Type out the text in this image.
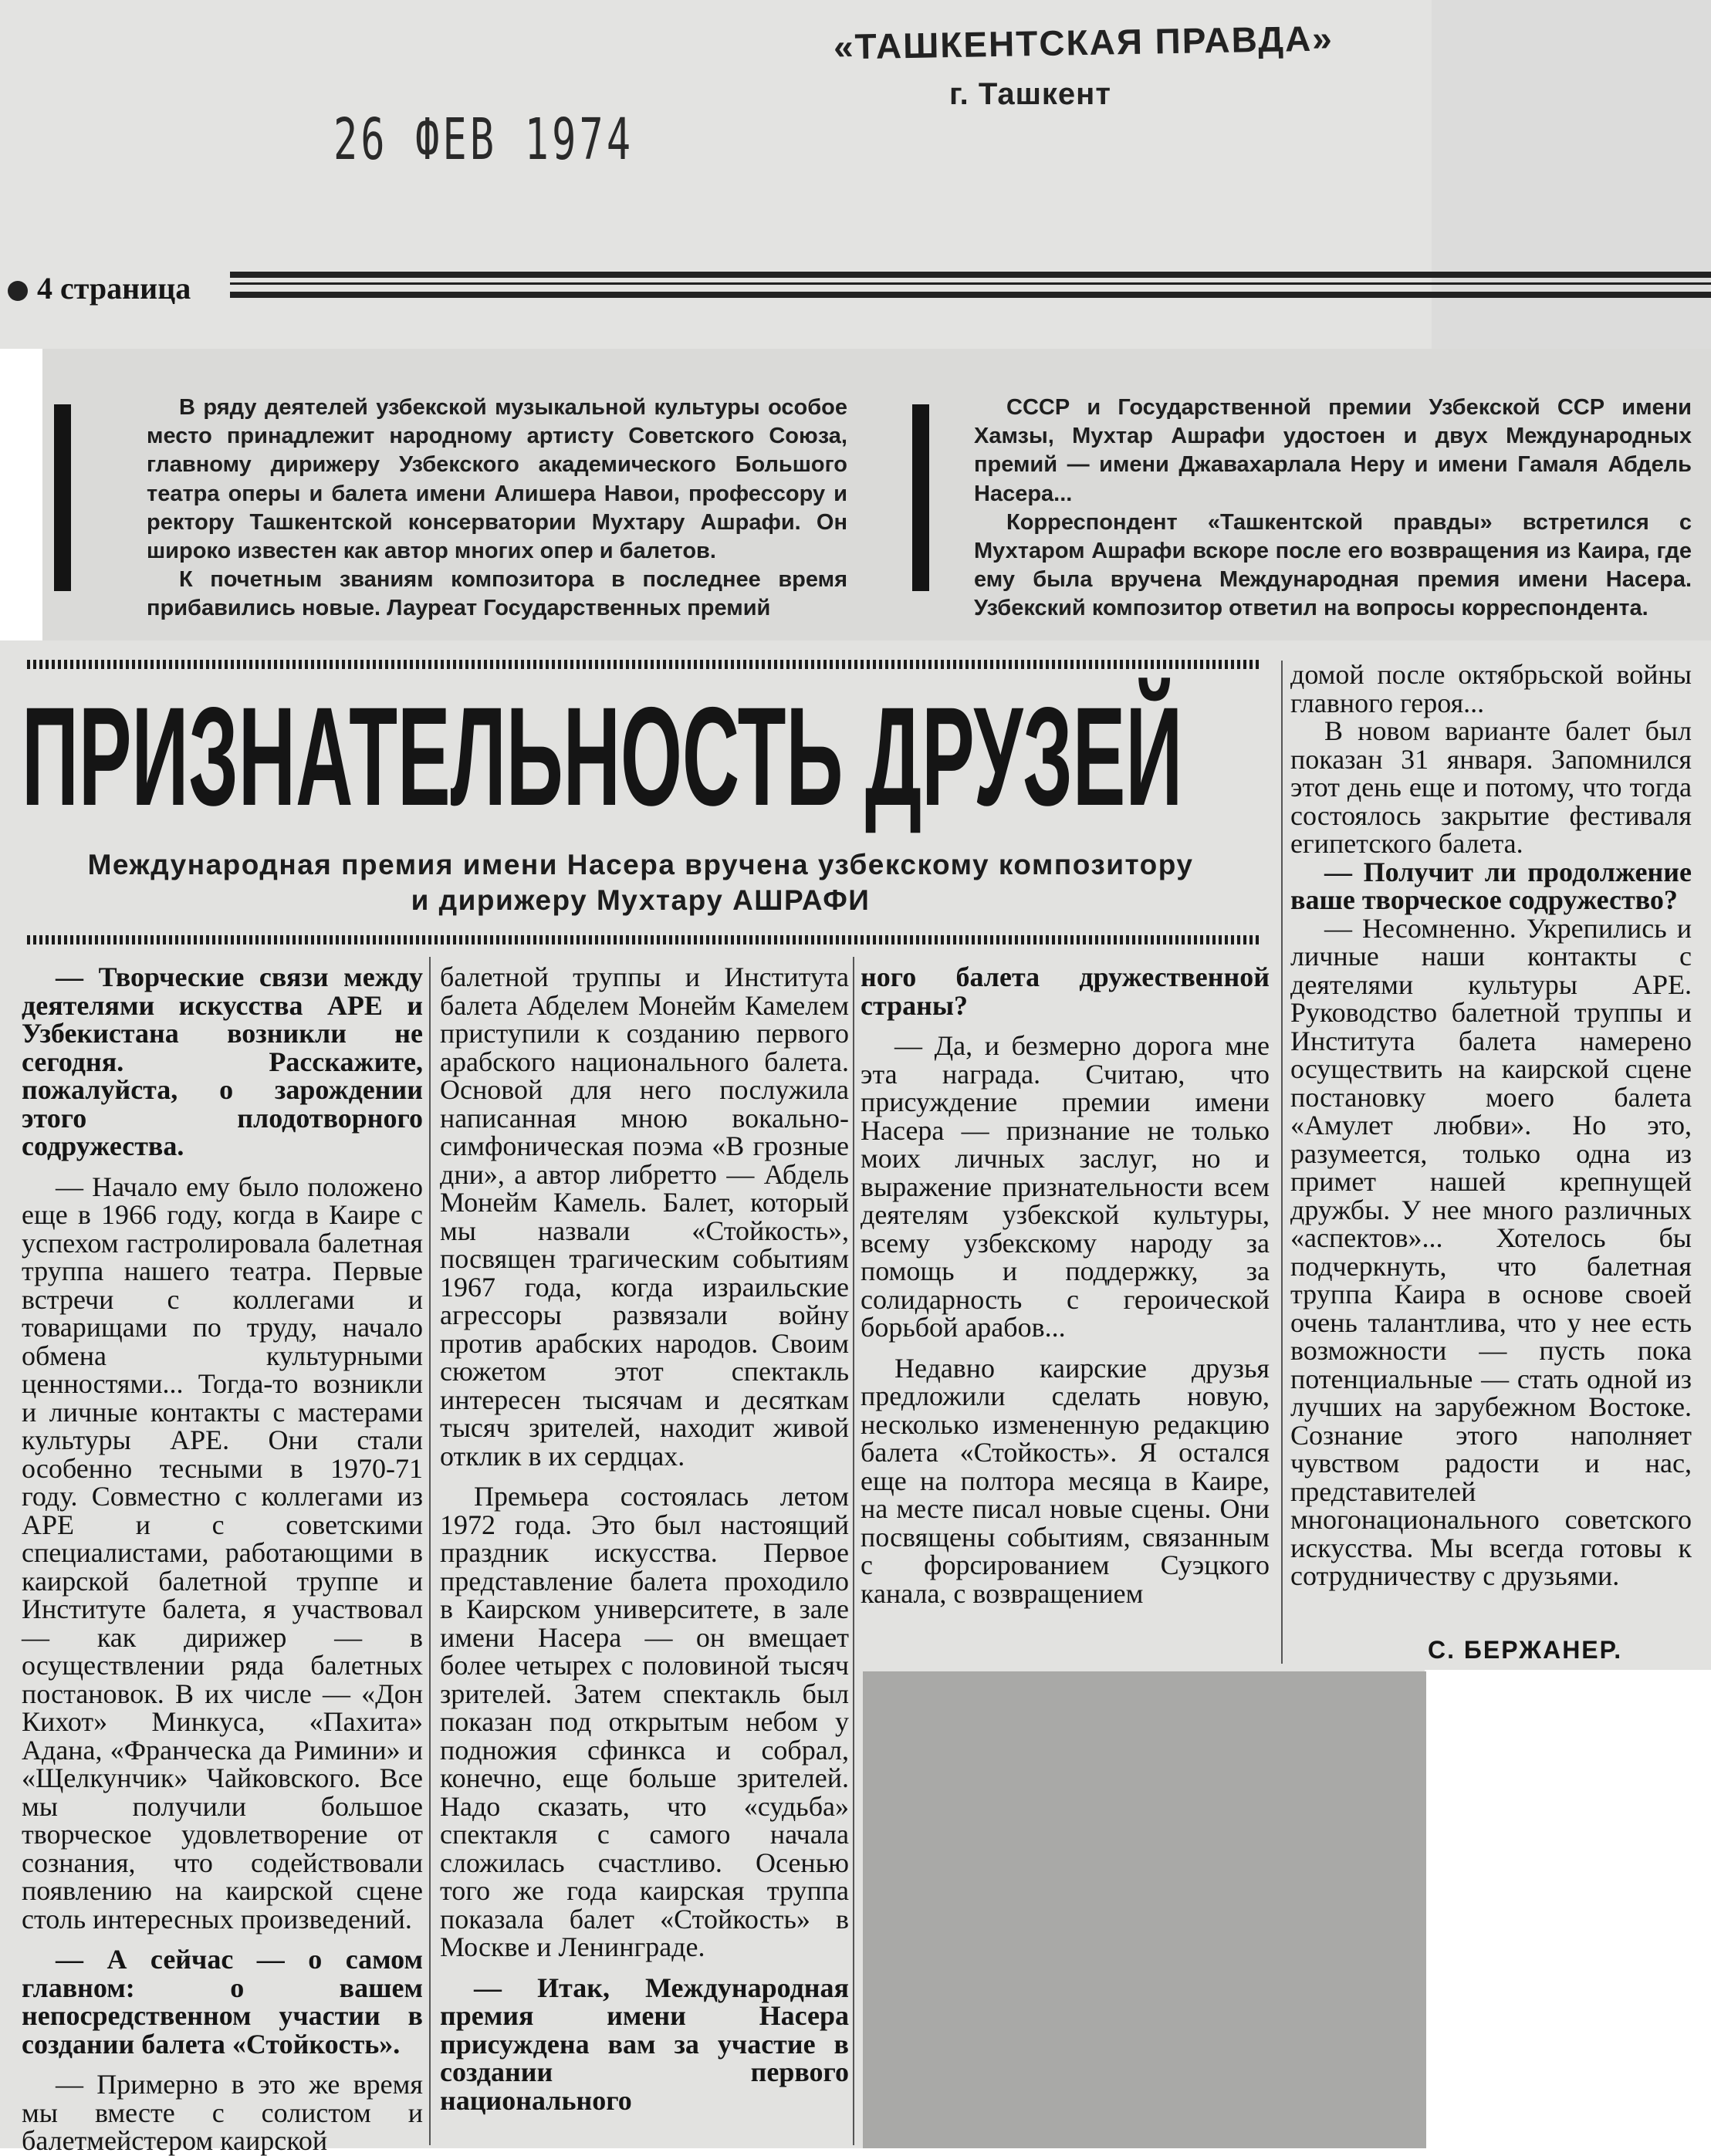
«ТАШКЕНТСКАЯ ПРАВДА»
г. Ташкент
26 ФЕВ 1974
4 страница

В ряду деятелей узбекской музыкальной культуры особое место принадлежит народному артисту Советского Союза, главному дирижеру Узбекского академического Большого театра оперы и балета имени Алишера Навои, профессору и ректору Ташкентской консерватории Мухтару Ашрафи. Он широко известен как автор многих опер и балетов.

К почетным званиям композитора в последнее время прибавились новые. Лауреат Государственных премий

СССР и Государственной премии Узбекской ССР имени Хамзы, Мухтар Ашрафи удостоен и двух Международных премий — имени Джавахарлала Неру и имени Гамаля Абдель Насера...

Корреспондент «Ташкентской правды» встретился с Мухтаром Ашрафи вскоре после его возвращения из Каира, где ему была вручена Международная премия имени Насера. Узбекский композитор ответил на вопросы корреспондента.

ПРИЗНАТЕЛЬНОСТЬ ДРУЗЕЙ
Международная премия имени Насера вручена узбекскому композитору
и дирижеру Мухтару АШРАФИ

— Творческие связи между деятелями искусства АРЕ и Узбекистана возникли не сегодня. Расскажите, пожалуйста, о зарождении этого плодотворного содружества.

— Начало ему было положено еще в 1966 году, когда в Каире с успехом гастролировала балетная труппа нашего театра. Первые встречи с коллегами и товарищами по труду, начало обмена культурными ценностями... Тогда-то возникли и личные контакты с мастерами культуры АРЕ. Они стали особенно тесными в 1970-71 году. Совместно с коллегами из АРЕ и с советскими специалистами, работающими в каирской балетной труппе и Институте балета, я участвовал — как дирижер — в осуществлении ряда балетных постановок. В их числе — «Дон Кихот» Минкуса, «Пахита» Адана, «Франческа да Римини» и «Щелкунчик» Чайковского. Все мы получили большое творческое удовлетворение от сознания, что содействовали появлению на каирской сцене столь интересных произведений.

— А сейчас — о самом главном: о вашем непосредственном участии в создании балета «Стойкость».

— Примерно в это же время мы вместе с солистом и балетмейстером каирской

балетной труппы и Института балета Абделем Монейм Камелем приступили к созданию первого арабского национального балета. Основой для него послужила написанная мною вокально-симфоническая поэма «В грозные дни», а автор либретто — Абдель Монейм Камель. Балет, который мы назвали «Стойкость», посвящен трагическим событиям 1967 года, когда израильские агрессоры развязали войну против арабских народов. Своим сюжетом этот спектакль интересен тысячам и десяткам тысяч зрителей, находит живой отклик в их сердцах.

Премьера состоялась летом 1972 года. Это был настоящий праздник искусства. Первое представление балета проходило в Каирском университете, в зале имени Насера — он вмещает более четырех с половиной тысяч зрителей. Затем спектакль был показан под открытым небом у подножия сфинкса и собрал, конечно, еще больше зрителей. Надо сказать, что «судьба» спектакля с самого начала сложилась счастливо. Осенью того же года каирская труппа показала балет «Стойкость» в Москве и Ленинграде.

— Итак, Международная премия имени Насера присуждена вам за участие в создании первого национального

ного балета дружественной страны?

— Да, и безмерно дорога мне эта награда. Считаю, что присуждение премии имени Насера — признание не только моих личных заслуг, но и выражение признательности всем деятелям узбекской культуры, всему узбекскому народу за помощь и поддержку, за солидарность с героической борьбой арабов...

Недавно каирские друзья предложили сделать новую, несколько измененную редакцию балета «Стойкость». Я остался еще на полтора месяца в Каире, на месте писал новые сцены. Они посвящены событиям, связанным с форсированием Суэцкого канала, с возвращением

домой после октябрьской войны главного героя...

В новом варианте балет был показан 31 января. Запомнился этот день еще и потому, что тогда состоялось закрытие фестиваля египетского балета.

— Получит ли продолжение ваше творческое содружество?

— Несомненно. Укрепились и личные наши контакты с деятелями культуры АРЕ. Руководство балетной труппы и Института балета намерено осуществить на каирской сцене постановку моего балета «Амулет любви». Но это, разумеется, только одна из примет нашей крепнущей дружбы. У нее много различных «аспектов»... Хотелось бы подчеркнуть, что балетная труппа Каира в основе своей очень талантлива, что у нее есть возможности — пусть пока потенциальные — стать одной из лучших на зарубежном Востоке. Сознание этого наполняет чувством радости и нас, представителей многонационального советского искусства. Мы всегда готовы к сотрудничеству с друзьями.

С. БЕРЖАНЕР.
